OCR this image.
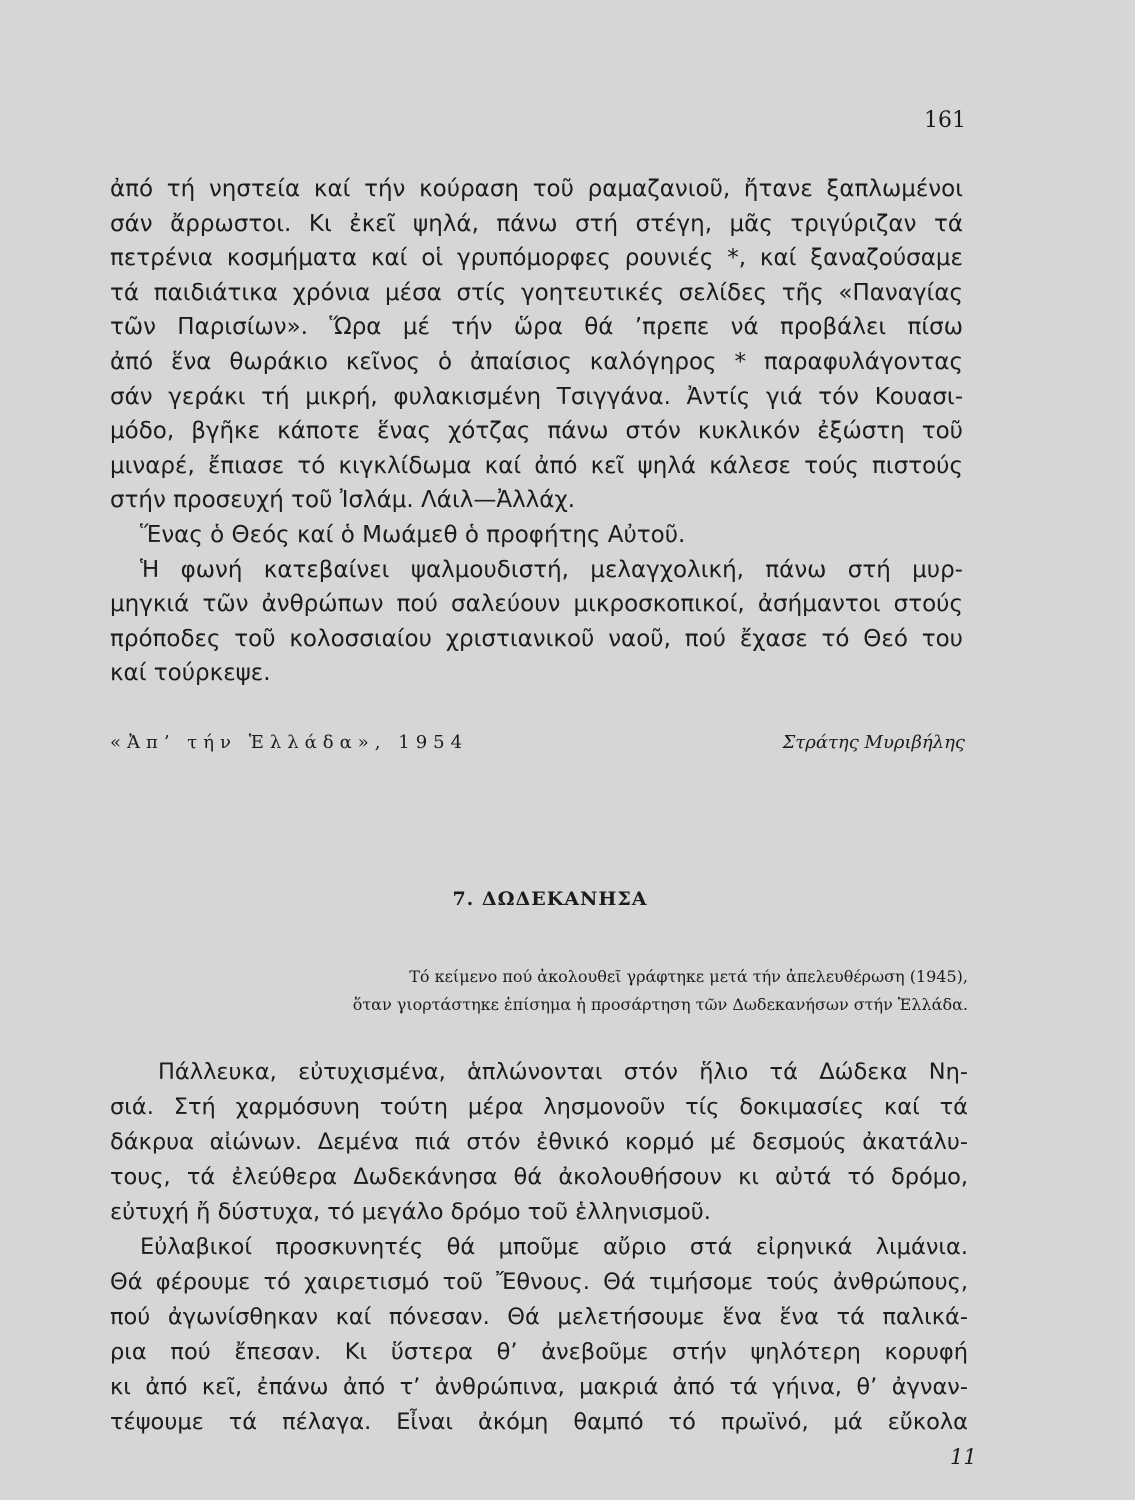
161
ἀπό τή νηστεία καί τήν κούραση τοῦ ραμαζανιοῦ, ἤτανε ξαπλωμένοι
σάν ἄρρωστοι. Κι ἐκεῖ ψηλά, πάνω στή στέγη, μᾶς τριγύριζαν τά
πετρένια κοσμήματα καί οἱ γρυπόμορφες ρουνιές *, καί ξαναζούσαμε
τά παιδιάτικα χρόνια μέσα στίς γοητευτικές σελίδες τῆς «Παναγίας
τῶν Παρισίων». Ὥρα μέ τήν ὥρα θά ’πρεπε νά προβάλει πίσω
ἀπό ἕνα θωράκιο κεῖνος ὁ ἀπαίσιος καλόγηρος * παραφυλάγοντας
σάν γεράκι τή μικρή, φυλακισμένη Τσιγγάνα. Ἀντίς γιά τόν Κουασι-
μόδο, βγῆκε κάποτε ἕνας χότζας πάνω στόν κυκλικόν ἐξώστη τοῦ
μιναρέ, ἔπιασε τό κιγκλίδωμα καί ἀπό κεῖ ψηλά κάλεσε τούς πιστούς
στήν προσευχή τοῦ Ἰσλάμ. Λάιλ—Ἀλλάχ.
Ἕνας ὁ Θεός καί ὁ Μωάμεθ ὁ προφήτης Αὐτοῦ.
Ἡ φωνή κατεβαίνει ψαλμουδιστή, μελαγχολική, πάνω στή μυρ-
μηγκιά τῶν ἀνθρώπων πού σαλεύουν μικροσκοπικοί, ἀσήμαντοι στούς
πρόποδες τοῦ κολοσσιαίου χριστιανικοῦ ναοῦ, πού ἔχασε τό Θεό του
καί τούρκεψε.
«Ἀπ’ τήν Ἑλλάδα», 1954	Στράτης Μυριβήλης
7. ΔΩΔΕΚΑΝΗΣΑ
Τό κείμενο πού ἀκολουθεῖ γράφτηκε μετά τήν ἀπελευθέρωση (1945),
ὅταν γιορτάστηκε ἐπίσημα ἡ προσάρτηση τῶν Δωδεκανήσων στήν Ἑλλάδα.
Πάλλευκα, εὐτυχισμένα, ἁπλώνονται στόν ἥλιο τά Δώδεκα Νη-
σιά. Στή χαρμόσυνη τούτη μέρα λησμονοῦν τίς δοκιμασίες καί τά
δάκρυα αἰώνων. Δεμένα πιά στόν ἐθνικό κορμό μέ δεσμούς ἀκατάλυ-
τους, τά ἐλεύθερα Δωδεκάνησα θά ἀκολουθήσουν κι αὐτά τό δρόμο,
εὐτυχή ἤ δύστυχα, τό μεγάλο δρόμο τοῦ ἑλληνισμοῦ.
Εὐλαβικοί προσκυνητές θά μποῦμε αὔριο στά εἰρηνικά λιμάνια.
Θά φέρουμε τό χαιρετισμό τοῦ Ἔθνους. Θά τιμήσομε τούς ἀνθρώπους,
πού ἀγωνίσθηκαν καί πόνεσαν. Θά μελετήσουμε ἕνα ἕνα τά παλικά-
ρια πού ἔπεσαν. Κι ὕστερα θ’ ἀνεβοῦμε στήν ψηλότερη κορυφή
κι ἀπό κεῖ, ἐπάνω ἀπό τ’ ἀνθρώπινα, μακριά ἀπό τά γήινα, θ’ ἀγναν-
τέψουμε τά πέλαγα. Εἶναι ἀκόμη θαμπό τό πρωϊνό, μά εὔκολα
11
